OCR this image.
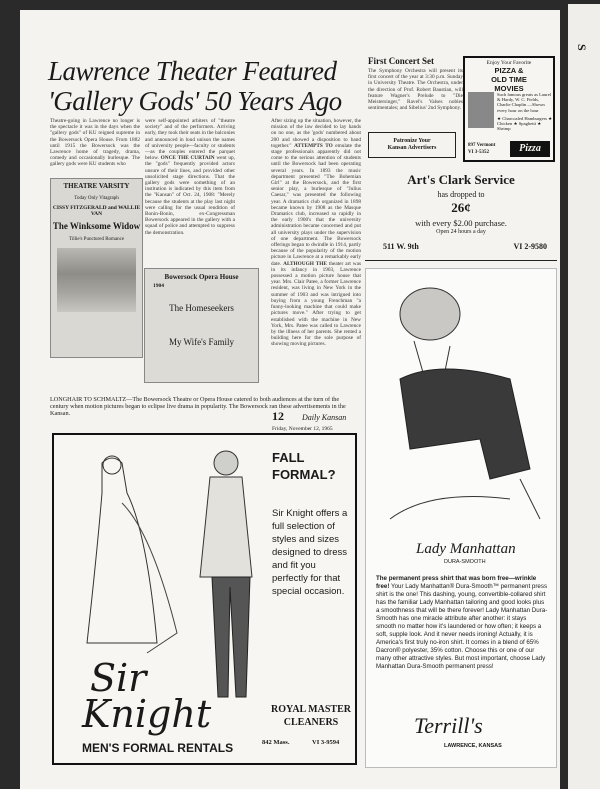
S
Lawrence Theater Featured
'Gallery Gods' 50 Years Ago
Theatre-going in Lawrence no longer is the spectacle it was in the days when the "gallery gods" of KU reigned supreme in the Bowersock Opera House. From 1882 until 1915 the Bowersock was the Lawrence home of tragedy, drama, comedy and occasionally burlesque. The gallery gods were KU students who
were self-appointed arbiters of "theatre society" and of the performers. Arriving early, they took their seats in the balconies and announced in loud unison the names of university people—faculty or students—as the couples entered the parquet below. ONCE THE CURTAIN went up, the "gods" frequently provided actors unsure of their lines, and provided other unsolicited stage directions. That the gallery gods were something of an institution is indicated by this item from the "Kansan" of Oct. 24, 1908: "Merely because the students at the play last night were calling for the usual rendition of Bonin-Bonin, ex-Congressman Bowersock appeared in the gallery with a squad of police and attempted to suppress the demonstration.
After sizing up the situation, however, the mission of the law decided to lay hands on no one, as the 'gods' numbered about 200 and showed a disposition to band together." ATTEMPTS TO emulate the stage professionals apparently did not come to the serious attention of students until the Bowersock had been operating several years. In 1893 the music department presented "The Bohemian Girl" at the Bowersock, and the first senior play, a burlesque of "Julius Caesar," was presented the following year. A dramatics club organized in 1898 became known by 1908 as the Masque Dramatics club, increased so rapidly in the early 1900's that the university administration became concerned and put all university plays under the supervision of one department. The Bowersock offerings began to dwindle in 1914, partly because of the popularity of the motion picture in Lawrence at a remarkably early date. ALTHOUGH THE theater art was in its infancy in 1903, Lawrence possessed a motion picture house that year. Mrs. Clair Patee, a former Lawrence resident, was living in New York in the summer of 1903 and was intrigued into buying from a young Frenchman "a funny-looking machine that could make pictures move." After trying to get established with the machine in New York, Mrs. Patee was called to Lawrence by the illness of her parents. She rented a building here for the sole purpose of showing moving pictures.
THEATRE VARSITY
Today Only Vitagraph
CISSY FITZGERALD and WALLIE VAN
The Winksome Widow
Tillie's Punctured Romance
Bowersock Opera House
1904
The Homeseekers
My Wife's Family
LONGHAIR TO SCHMALTZ—The Bowersock Theatre or Opera House catered to both audiences at the turn of the century when motion pictures began to eclipse live drama in popularity. The Bowersock ran these advertisements in the Kansan.	12 Daily Kansan
Friday, November 12, 1965
First Concert Set
The Symphony Orchestra will present its first concert of the year at 3:30 p.m. Sunday in University Theatre. The Orchestra, under the direction of Prof. Robert Baustian, will feature Wagner's Prelude to "Die Meistersinger," Ravel's Valses nobles sentimentales; and Sibelius' 2nd Symphony.
Patronize Your
Kansan Advertisers
Enjoy Your Favorite
PIZZA &
OLD TIME
MOVIES
Such famous greats as Laurel & Hardy, W. C. Fields, Charlie Chaplin —Shown every hour on the hour
★ Charcoaled Hamburgers ★ Chicken ★ Spaghetti ★ Shrimp
897 Vermont
VI 3-5352	Pizza
Art's Clark Service
has dropped to
26¢
with every $2.00 purchase.
Open 24 hours a day
511 W. 9th	VI 2-9580
FALL
FORMAL?
Sir Knight offers a full selection of styles and sizes designed to dress and fit you perfectly for that special occasion.
Sir
Knight
MEN'S FORMAL RENTALS
ROYAL MASTER
CLEANERS
842 Mass.	VI 3-9594
Lady Manhattan
DURA-SMOOTH
The permanent press shirt that was born free—wrinkle free! Your Lady Manhattan® Dura-Smooth™ permanent press shirt is the one! This dashing, young, convertible-collared shirt has the familiar Lady Manhattan tailoring and good looks plus a smoothness that will be there forever! Lady Manhattan Dura-Smooth has one miracle attribute after another: it stays smooth no matter how it's laundered or how often; it keeps a soft, supple look. And it never needs ironing! Actually, it is America's first truly no-iron shirt. It comes in a blend of 65% Dacron® polyester, 35% cotton. Choose this or one of our many other attractive styles. But most important, choose Lady Manhattan Dura-Smooth permanent press!
Terrill's
LAWRENCE, KANSAS
